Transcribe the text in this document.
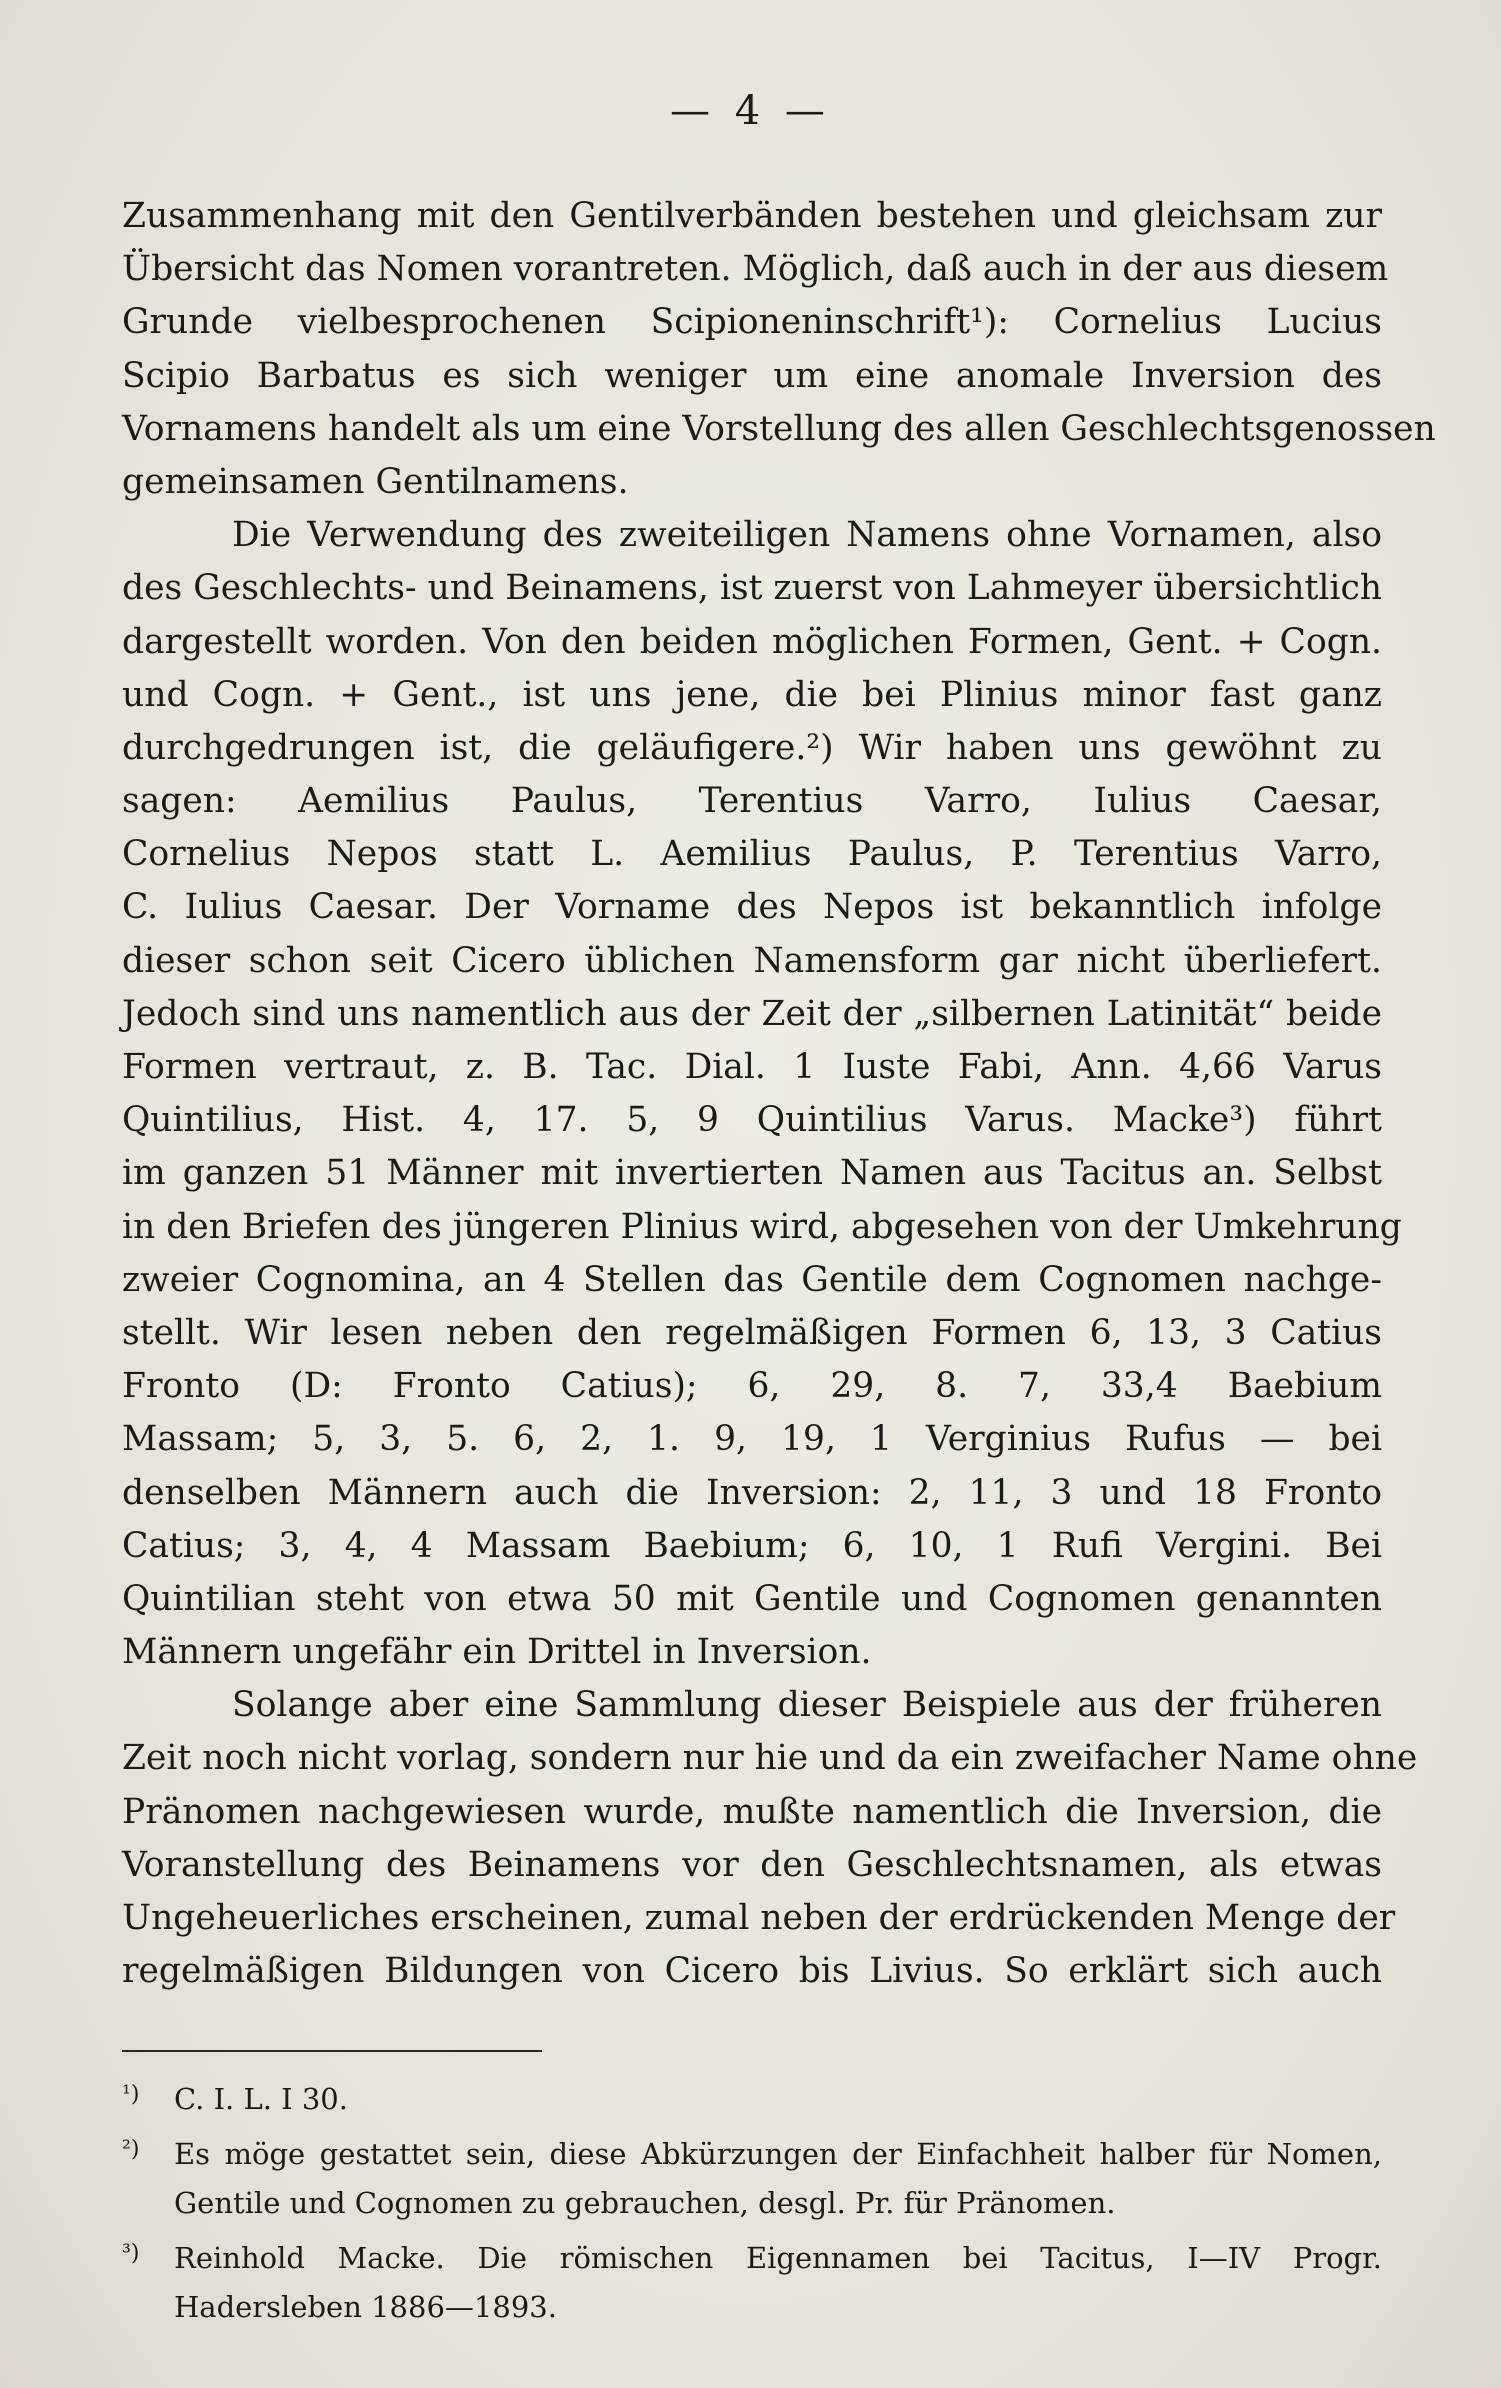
— 4 —
Zusammenhang mit den Gentilverbänden bestehen und gleichsam zur
Übersicht das Nomen vorantreten. Möglich, daß auch in der aus diesem
Grunde vielbesprochenen Scipioneninschrift¹): Cornelius Lucius
Scipio Barbatus es sich weniger um eine anomale Inversion des
Vornamens handelt als um eine Vorstellung des allen Geschlechtsgenossen
gemeinsamen Gentilnamens.
Die Verwendung des zweiteiligen Namens ohne Vornamen, also
des Geschlechts- und Beinamens, ist zuerst von Lahmeyer übersichtlich
dargestellt worden. Von den beiden möglichen Formen, Gent. + Cogn.
und Cogn. + Gent., ist uns jene, die bei Plinius minor fast ganz
durchgedrungen ist, die geläufigere.²) Wir haben uns gewöhnt zu
sagen: Aemilius Paulus, Terentius Varro, Iulius Caesar,
Cornelius Nepos statt L. Aemilius Paulus, P. Terentius Varro,
C. Iulius Caesar. Der Vorname des Nepos ist bekanntlich infolge
dieser schon seit Cicero üblichen Namensform gar nicht überliefert.
Jedoch sind uns namentlich aus der Zeit der „silbernen Latinität“ beide
Formen vertraut, z. B. Tac. Dial. 1 Iuste Fabi, Ann. 4,66 Varus
Quintilius, Hist. 4, 17. 5, 9 Quintilius Varus. Macke³) führt
im ganzen 51 Männer mit invertierten Namen aus Tacitus an. Selbst
in den Briefen des jüngeren Plinius wird, abgesehen von der Umkehrung
zweier Cognomina, an 4 Stellen das Gentile dem Cognomen nachge-
stellt. Wir lesen neben den regelmäßigen Formen 6, 13, 3 Catius
Fronto (D: Fronto Catius); 6, 29, 8. 7, 33,4 Baebium
Massam; 5, 3, 5. 6, 2, 1. 9, 19, 1 Verginius Rufus — bei
denselben Männern auch die Inversion: 2, 11, 3 und 18 Fronto
Catius; 3, 4, 4 Massam Baebium; 6, 10, 1 Rufi Vergini. Bei
Quintilian steht von etwa 50 mit Gentile und Cognomen genannten
Männern ungefähr ein Drittel in Inversion.
Solange aber eine Sammlung dieser Beispiele aus der früheren
Zeit noch nicht vorlag, sondern nur hie und da ein zweifacher Name ohne
Pränomen nachgewiesen wurde, mußte namentlich die Inversion, die
Voranstellung des Beinamens vor den Geschlechtsnamen, als etwas
Ungeheuerliches erscheinen, zumal neben der erdrückenden Menge der
regelmäßigen Bildungen von Cicero bis Livius. So erklärt sich auch
¹) C. I. L. I 30.
²) Es möge gestattet sein, diese Abkürzungen der Einfachheit halber für Nomen,
Gentile und Cognomen zu gebrauchen, desgl. Pr. für Pränomen.
³) Reinhold Macke. Die römischen Eigennamen bei Tacitus, I—IV Progr.
Hadersleben 1886—1893.
